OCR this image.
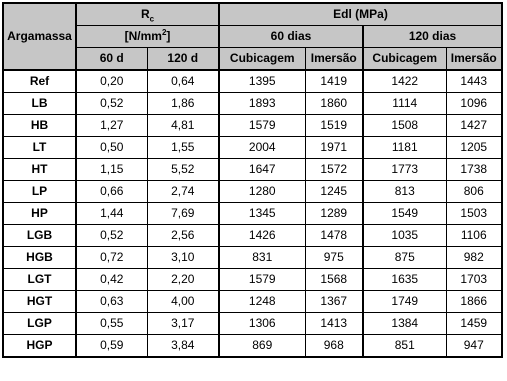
Argamassa	$R_c$		Edl (MPa)			
	$[N/mm^2]$		60 dias		120 dias	
	60 d	120 d	Cubicagem	Imersão	Cubicagem	Imersão
Ref	0,20	0,64	1395	1419	1422	1443
LB	0,52	1,86	1893	1860	1114	1096
HB	1,27	4,81	1579	1519	1508	1427
LT	0,50	1,55	2004	1971	1181	1205
HT	1,15	5,52	1647	1572	1773	1738
LP	0,66	2,74	1280	1245	813	806
HP	1,44	7,69	1345	1289	1549	1503
LGB	0,52	2,56	1426	1478	1035	1106
HGB	0,72	3,10	831	975	875	982
LGT	0,42	2,20	1579	1568	1635	1703
HGT	0,63	4,00	1248	1367	1749	1866
LGP	0,55	3,17	1306	1413	1384	1459
HGP	0,59	3,84	869	968	851	947
